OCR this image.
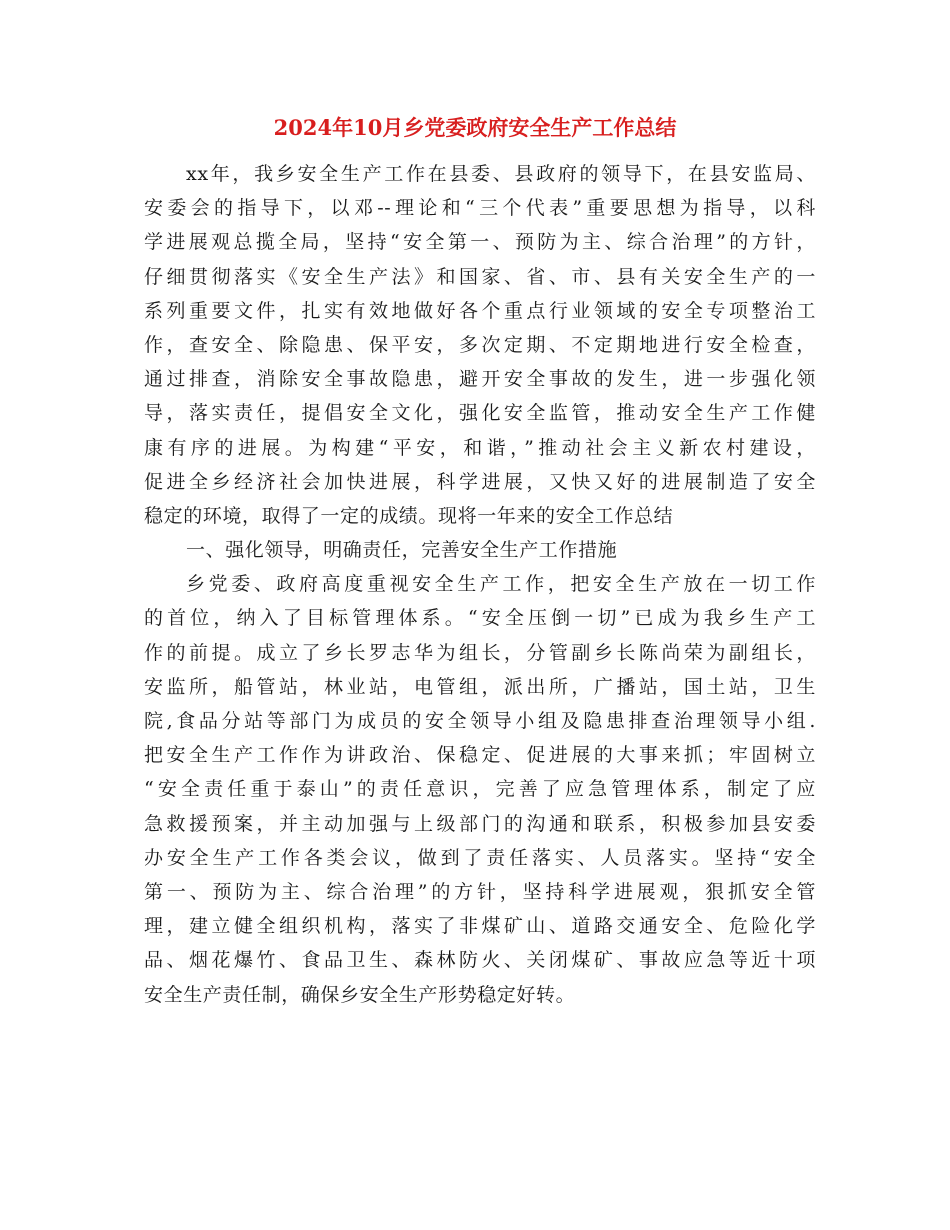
2024年10月乡党委政府安全生产工作总结

xx年，我乡安全生产工作在县委、县政府的领导下，在县安监局、

安委会的指导下，以邓--理论和“三个代表”重要思想为指导，以科

学进展观总揽全局，坚持“安全第一、预防为主、综合治理”的方针，

仔细贯彻落实《安全生产法》和国家、省、市、县有关安全生产的一

系列重要文件，扎实有效地做好各个重点行业领域的安全专项整治工

作，查安全、除隐患、保平安，多次定期、不定期地进行安全检查，

通过排查，消除安全事故隐患，避开安全事故的发生，进一步强化领

导，落实责任，提倡安全文化，强化安全监管，推动安全生产工作健

康有序的进展。为构建“平安，和谐，”推动社会主义新农村建设，

促进全乡经济社会加快进展，科学进展，又快又好的进展制造了安全

稳定的环境，取得了一定的成绩。现将一年来的安全工作总结

一、强化领导，明确责任，完善安全生产工作措施

乡党委、政府高度重视安全生产工作，把安全生产放在一切工作

的首位，纳入了目标管理体系。“安全压倒一切”已成为我乡生产工

作的前提。成立了乡长罗志华为组长，分管副乡长陈尚荣为副组长，

安监所，船管站，林业站，电管组，派出所，广播站，国土站，卫生

院,食品分站等部门为成员的安全领导小组及隐患排查治理领导小组.

把安全生产工作作为讲政治、保稳定、促进展的大事来抓；牢固树立

“安全责任重于泰山”的责任意识，完善了应急管理体系，制定了应

急救援预案，并主动加强与上级部门的沟通和联系，积极参加县安委

办安全生产工作各类会议，做到了责任落实、人员落实。坚持“安全

第一、预防为主、综合治理”的方针，坚持科学进展观，狠抓安全管

理，建立健全组织机构，落实了非煤矿山、道路交通安全、危险化学

品、烟花爆竹、食品卫生、森林防火、关闭煤矿、事故应急等近十项

安全生产责任制，确保乡安全生产形势稳定好转。
